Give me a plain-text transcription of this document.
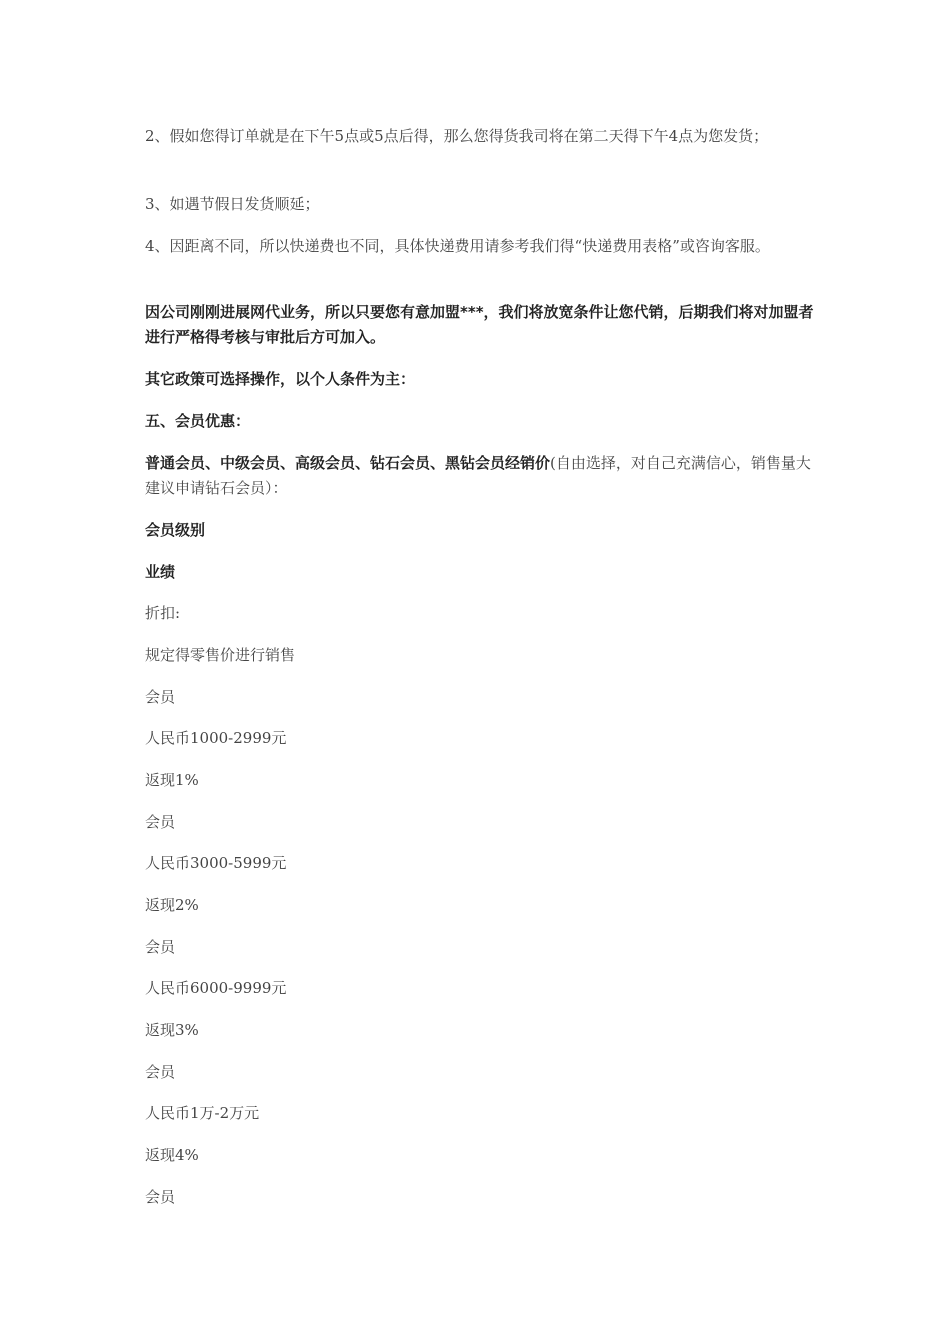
2、假如您得订单就是在下午5点或5点后得，那么您得货我司将在第二天得下午4点为您发货；

3、如遇节假日发货顺延；

4、因距离不同，所以快递费也不同，具体快递费用请参考我们得“快递费用表格”或咨询客服。

因公司刚刚进展网代业务，所以只要您有意加盟***，我们将放宽条件让您代销，后期我们将对加盟者进行严格得考核与审批后方可加入。

其它政策可选择操作，以个人条件为主：

五、会员优惠：

普通会员、中级会员、高级会员、钻石会员、黑钻会员经销价(自由选择，对自己充满信心，销售量大建议申请钻石会员）：

会员级别

业绩

折扣:

规定得零售价进行销售

会员

人民币1000-2999元

返现1%

会员

人民币3000-5999元

返现2%

会员

人民币6000-9999元

返现3%

会员

人民币1万-2万元

返现4%

会员
